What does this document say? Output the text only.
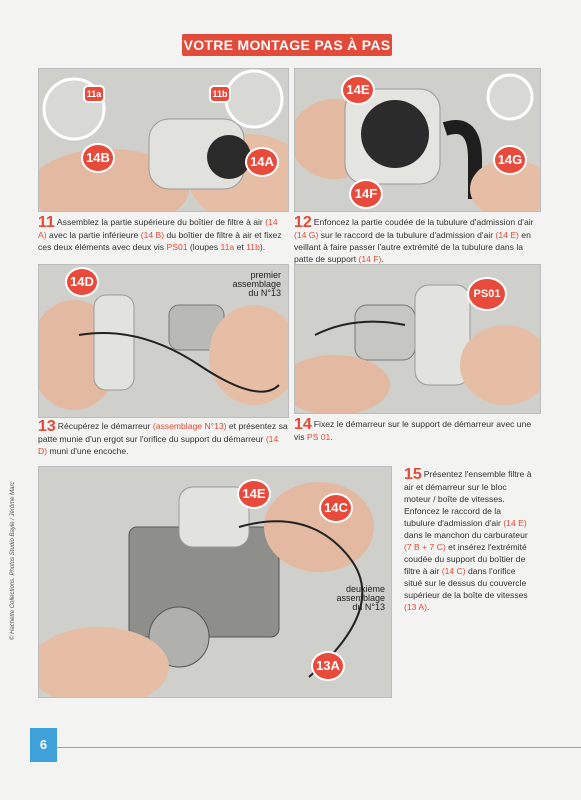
VOTRE MONTAGE PAS À PAS
14A
14B
11a	11b	14E
14G
14F
11 Assemblez la partie supérieure du boîtier de filtre à air (14 A) avec la partie inférieure (14 B) du boîtier de filtre à air et fixez ces deux éléments avec deux vis PS01 (loupes 11a et 11b).
12 Enfoncez la partie coudée de la tubulure d'admission d'air (14 G) sur le raccord de la tubulure d'admission d'air (14 E) en veillant à faire passer l'autre extrémité de la tubulure dans la patte de support (14 F).
14D	premier
assemblage
du N°13	PS01
13 Récupérez le démarreur (assemblage N°13) et présentez sa patte munie d'un ergot sur l'orifice du support du démarreur (14 D) muni d'une encoche.
14 Fixez le démarreur sur le support de démarreur avec une vis PS 01.
14E
14C
13A
deuxième
assemblage
du N°13
15 Présentez l'ensemble filtre à air et démarreur sur le bloc moteur / boîte de vitesses. Enfoncez le raccord de la tubulure d'admission d'air (14 E) dans le manchon du carburateur (7 B + 7 C) et insérez l'extrémité coudée du support du boîtier de filtre à air (14 C) dans l'orifice situé sur le dessus du couvercle supérieur de la boîte de vitesses (13 A).
© Hachette Collections. Photos Studio Bayle / Jérôme Marc
6
